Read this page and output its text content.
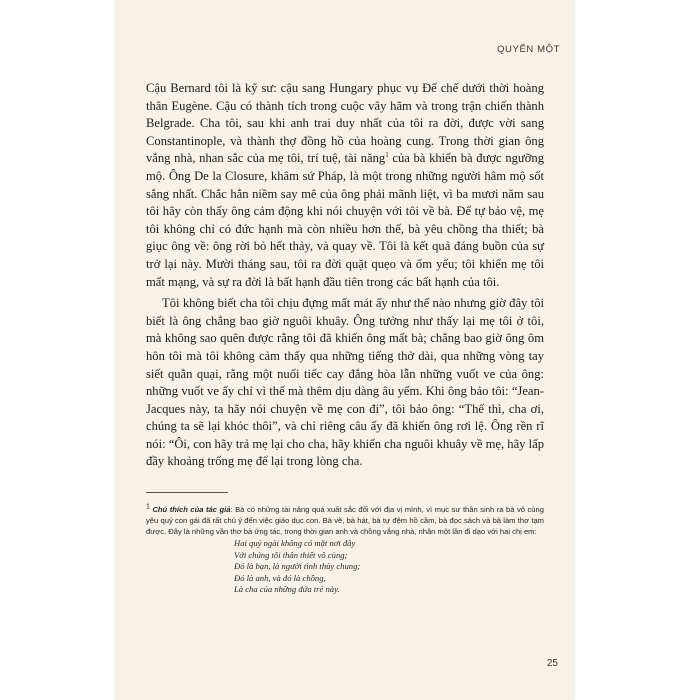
QUYỂN MỘT

Cậu Bernard tôi là kỹ sư: cậu sang Hungary phục vụ Đế chế dưới thời hoàng thân Eugène. Cậu có thành tích trong cuộc vây hãm và trong trận chiến thành Belgrade. Cha tôi, sau khi anh trai duy nhất của tôi ra đời, được vời sang Constantinople, và thành thợ đồng hồ của hoàng cung. Trong thời gian ông vắng nhà, nhan sắc của mẹ tôi, trí tuệ, tài năng$^1$ của bà khiến bà được ngưỡng mộ. Ông De la Closure, khâm sứ Pháp, là một trong những người hâm mộ sốt sắng nhất. Chắc hẳn niềm say mê của ông phải mãnh liệt, vì ba mươi năm sau tôi hãy còn thấy ông cảm động khi nói chuyện với tôi về bà. Để tự bảo vệ, mẹ tôi không chỉ có đức hạnh mà còn nhiều hơn thế, bà yêu chồng tha thiết; bà giục ông về: ông rời bỏ hết thảy, và quay về. Tôi là kết quả đáng buồn của sự trở lại này. Mười tháng sau, tôi ra đời quặt quẹo và ốm yếu; tôi khiến mẹ tôi mất mạng, và sự ra đời là bất hạnh đầu tiên trong các bất hạnh của tôi.

Tôi không biết cha tôi chịu đựng mất mát ấy như thế nào nhưng giờ đây tôi biết là ông chẳng bao giờ nguôi khuây. Ông tưởng như thấy lại mẹ tôi ở tôi, mà không sao quên được rằng tôi đã khiến ông mất bà; chẳng bao giờ ông ôm hôn tôi mà tôi không cảm thấy qua những tiếng thở dài, qua những vòng tay siết quằn quại, rằng một nuối tiếc cay đắng hòa lẫn những vuốt ve của ông: những vuốt ve ấy chỉ vì thế mà thêm dịu dàng âu yếm. Khi ông bảo tôi: “Jean-Jacques này, ta hãy nói chuyện về mẹ con đi”, tôi bảo ông: “Thế thì, cha ơi, chúng ta sẽ lại khóc thôi”, và chỉ riêng câu ấy đã khiến ông rơi lệ. Ông rền rĩ nói: “Ôi, con hãy trả mẹ lại cho cha, hãy khiến cha nguôi khuây về mẹ, hãy lấp đầy khoảng trống mẹ để lại trong lòng cha.

$^1$ Chú thích của tác giả: Bà có những tài năng quá xuất sắc đối với địa vị mình, vì mục sư thân sinh ra bà vô cùng yêu quý con gái đã rất chú ý đến việc giáo dục con. Bà vẽ, bà hát, bà tự đệm hồ cầm, bà đọc sách và bà làm thơ tạm được. Đây là những vần thơ bà ứng tác, trong thời gian anh và chồng vắng nhà, nhân một lần đi dạo với hai chị em:
Hai quý ngài không có mặt nơi đây
Với chúng tôi thân thiết vô cùng;
Đó là bạn, là người tình thủy chung;
Đó là anh, và đó là chồng,
Là cha của những đứa trẻ này.
25
